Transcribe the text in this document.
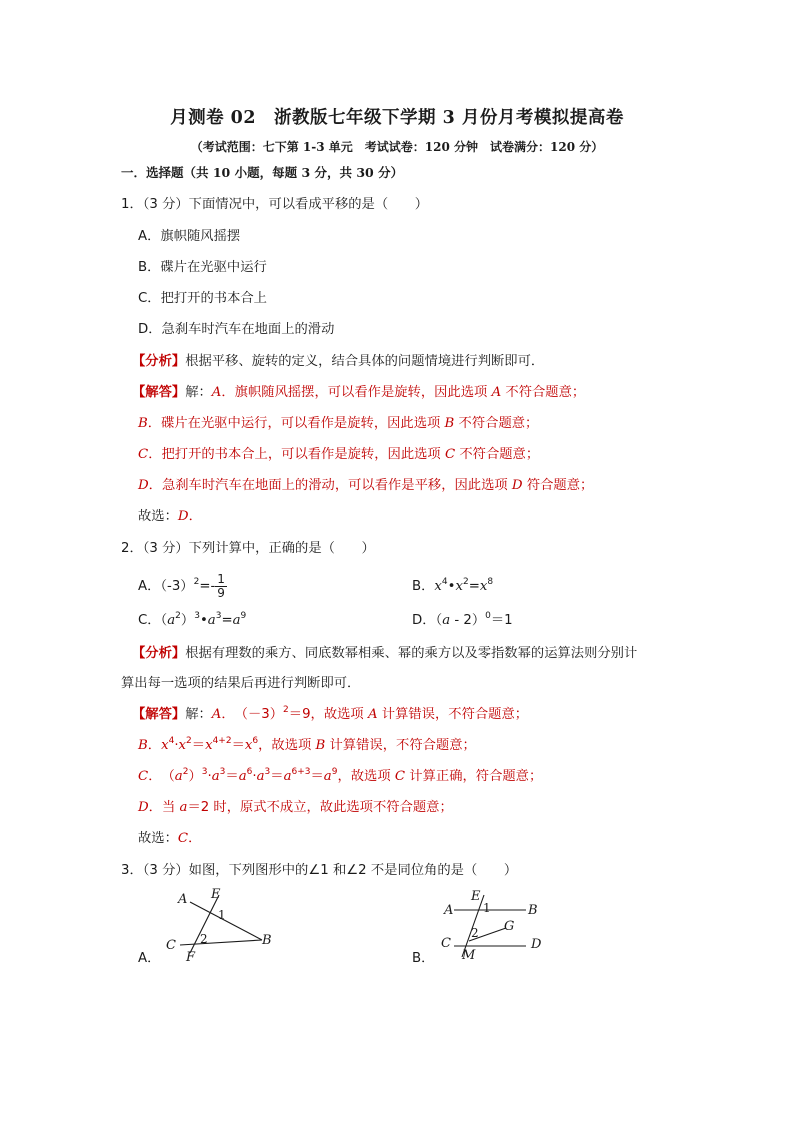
月测卷 02　浙教版七年级下学期 3 月份月考模拟提高卷
（考试范围：七下第 1-3 单元　考试试卷：120 分钟　试卷满分：120 分）
一．选择题（共 10 小题，每题 3 分，共 30 分）
1．（3 分）下面情况中，可以看成平移的是（　　）
A．旗帜随风摇摆
B．碟片在光驱中运行
C．把打开的书本合上
D．急刹车时汽车在地面上的滑动
【分析】根据平移、旋转的定义，结合具体的问题情境进行判断即可．
【解答】解：A．旗帜随风摇摆，可以看作是旋转，因此选项 A 不符合题意；
B．碟片在光驱中运行，可以看作是旋转，因此选项 B 不符合题意；
C．把打开的书本合上，可以看作是旋转，因此选项 C 不符合题意；
D．急刹车时汽车在地面上的滑动，可以看作是平移，因此选项 D 符合题意；
故选：D．
2．（3 分）下列计算中，正确的是（　　）
A．$(-3)^2=- \frac{1}{9}$	B．$x^4•x^2=x^8$
C．$(a^2)^3•a^3=a^9$	D．（a - 2）$^0$＝1
【分析】根据有理数的乘方、同底数幂相乘、幂的乘方以及零指数幂的运算法则分别计
算出每一选项的结果后再进行判断即可．
【解答】解：A．　$(-3)^2=9$，故选项 A 计算错误，不符合题意；
B．$x^4\cdot x^2=x^{4+2}=x^6$，故选项 B 计算错误，不符合题意；
C．　$(a^2)^3\cdot a^3=a^6\cdot a^3=a^{6+3}=a^9$，故选项 C 计算正确，符合题意；
D．当 a＝2 时，原式不成立，故此选项不符合题意；
故选：C．
3．（3 分）如图，下列图形中的∠1 和∠2 不是同位角的是（　　）
A E
1
2
C	B
F
A．
A
E
1	B
2 G
C	D
M
B．
